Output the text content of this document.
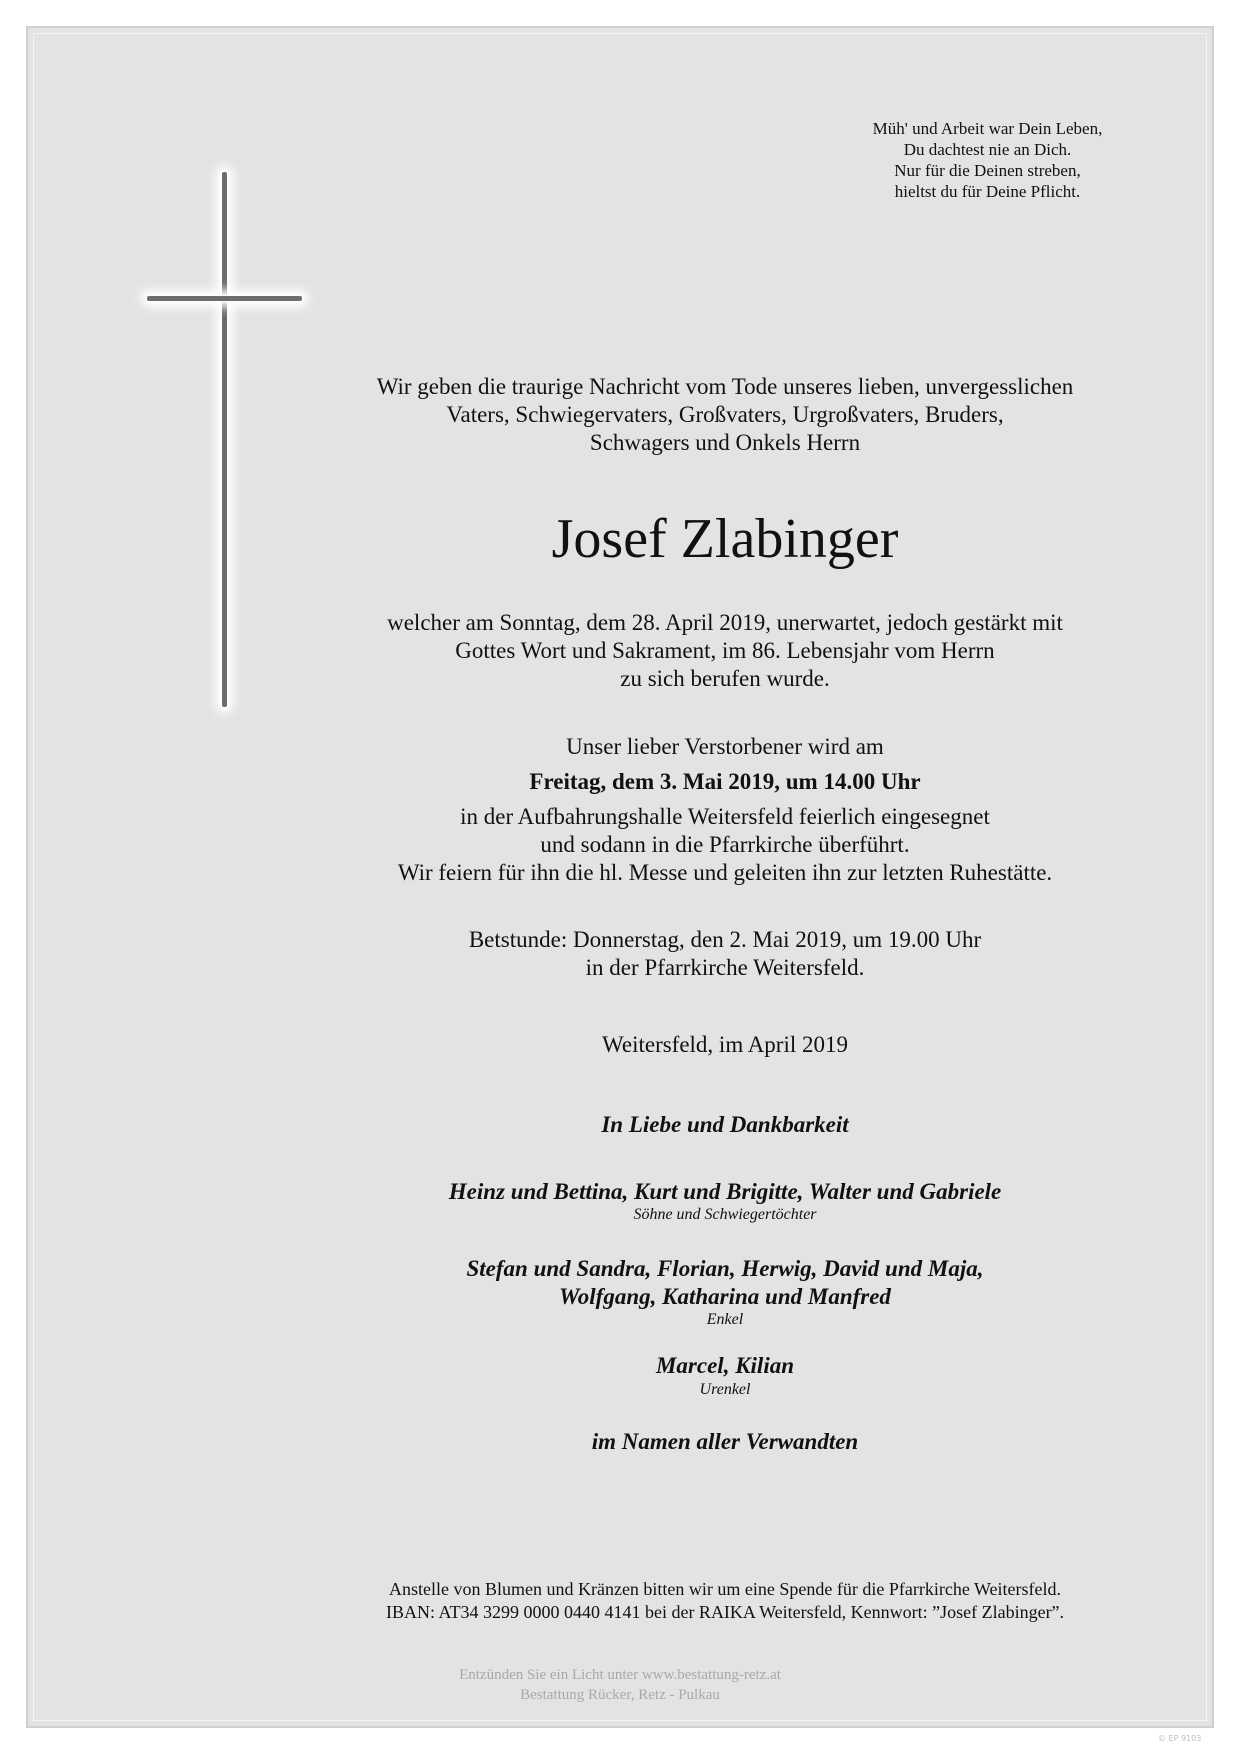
Müh' und Arbeit war Dein Leben,
Du dachtest nie an Dich.
Nur für die Deinen streben,
hieltst du für Deine Pflicht.
Wir geben die traurige Nachricht vom Tode unseres lieben, unvergesslichen
Vaters, Schwiegervaters, Großvaters, Urgroßvaters, Bruders,
Schwagers und Onkels Herrn
Josef Zlabinger
welcher am Sonntag, dem 28. April 2019, unerwartet, jedoch gestärkt mit
Gottes Wort und Sakrament, im 86. Lebensjahr vom Herrn
zu sich berufen wurde.
Unser lieber Verstorbener wird am
Freitag, dem 3. Mai 2019, um 14.00 Uhr
in der Aufbahrungshalle Weitersfeld feierlich eingesegnet
und sodann in die Pfarrkirche überführt.
Wir feiern für ihn die hl. Messe und geleiten ihn zur letzten Ruhestätte.
Betstunde: Donnerstag, den 2. Mai 2019, um 19.00 Uhr
in der Pfarrkirche Weitersfeld.
Weitersfeld, im April 2019
In Liebe und Dankbarkeit
Heinz und Bettina, Kurt und Brigitte, Walter und Gabriele
Söhne und Schwiegertöchter
Stefan und Sandra, Florian, Herwig, David und Maja,
Wolfgang, Katharina und Manfred
Enkel
Marcel, Kilian
Urenkel
im Namen aller Verwandten
Anstelle von Blumen und Kränzen bitten wir um eine Spende für die Pfarrkirche Weitersfeld.
IBAN: AT34 3299 0000 0440 4141 bei der RAIKA Weitersfeld, Kennwort: ”Josef Zlabinger”.
Entzünden Sie ein Licht unter www.bestattung-retz.at
Bestattung Rücker, Retz - Pulkau
© EP 9103
